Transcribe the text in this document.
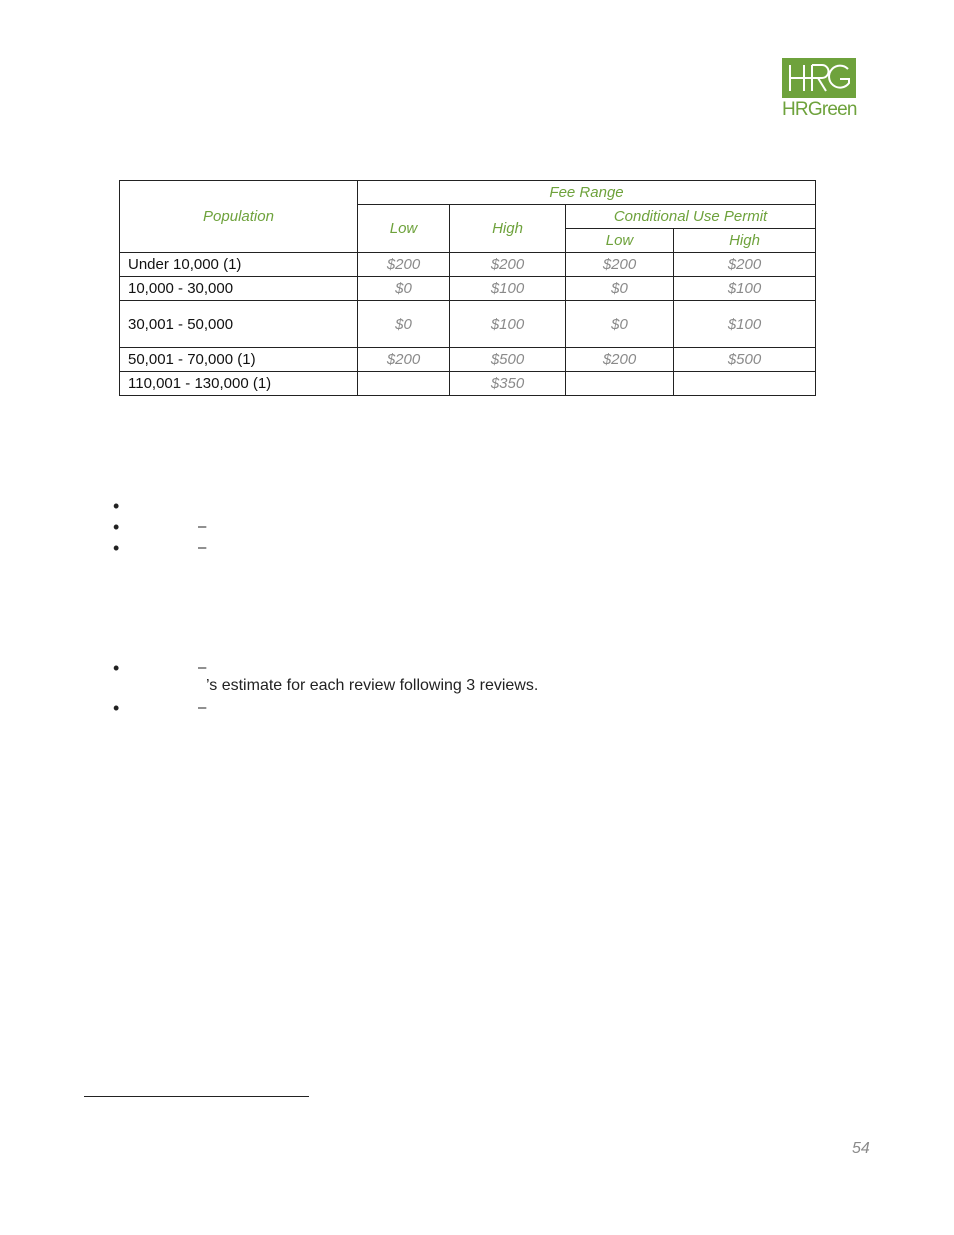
HRGreen
Population	Fee Range			
	Low	High	Conditional Use Permit	
			Low	High
Under 10,000 (1)	$200	$200	$200	$200
10,000 - 30,000	$0	$100	$0	$100
30,001 - 50,000	$0	$100	$0	$100
50,001 - 70,000 (1)	$200	$500	$200	$500
110,001 - 130,000 (1)		$350		
•
•	–
•	–
•	–
’s estimate for each review following 3 reviews.
•	–
54
